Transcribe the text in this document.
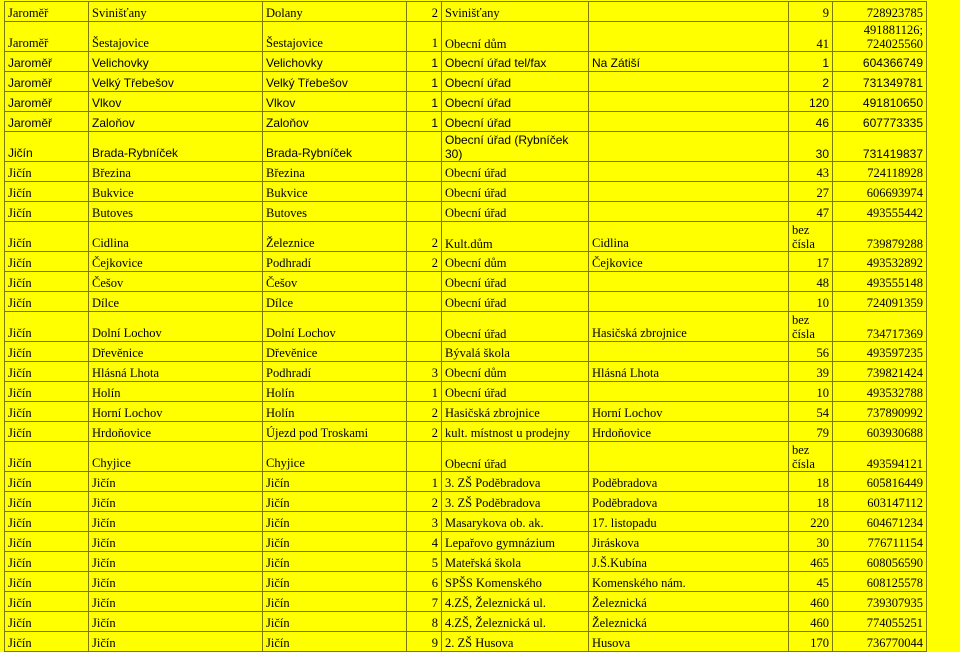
Jaroměř	Svinišťany	Dolany	2	Svinišťany		9	728923785
Jaroměř	Šestajovice	Šestajovice	1	Obecní dům		41	491881126; 724025560
Jaroměř	Velichovky	Velichovky	1	Obecní úřad tel/fax	Na Zátiší	1	604366749
Jaroměř	Velký Třebešov	Velký Třebešov	1	Obecní úřad		2	731349781
Jaroměř	Vlkov	Vlkov	1	Obecní úřad		120	491810650
Jaroměř	Zaloňov	Zaloňov	1	Obecní úřad		46	607773335
Jičín	Brada-Rybníček	Brada-Rybníček		Obecní úřad (Rybníček 30)		30	731419837
Jičín	Březina	Březina		Obecní úřad		43	724118928
Jičín	Bukvice	Bukvice		Obecní úřad		27	606693974
Jičín	Butoves	Butoves		Obecní úřad		47	493555442
Jičín	Cidlina	Železnice	2	Kult.dům	Cidlina	bez čísla	739879288
Jičín	Čejkovice	Podhradí	2	Obecní dům	Čejkovice	17	493532892
Jičín	Češov	Češov		Obecní úřad		48	493555148
Jičín	Dílce	Dílce		Obecní úřad		10	724091359
Jičín	Dolní Lochov	Dolní Lochov		Obecní úřad	Hasičská zbrojnice	bez čísla	734717369
Jičín	Dřevěnice	Dřevěnice		Bývalá škola		56	493597235
Jičín	Hlásná Lhota	Podhradí	3	Obecní dům	Hlásná Lhota	39	739821424
Jičín	Holín	Holín	1	Obecní úřad		10	493532788
Jičín	Horní Lochov	Holín	2	Hasičská zbrojnice	Horní Lochov	54	737890992
Jičín	Hrdoňovice	Újezd pod Troskami	2	kult. místnost u prodejny	Hrdoňovice	79	603930688
Jičín	Chyjice	Chyjice		Obecní úřad		bez čísla	493594121
Jičín	Jičín	Jičín	1	3. ZŠ Poděbradova	Poděbradova	18	605816449
Jičín	Jičín	Jičín	2	3. ZŠ Poděbradova	Poděbradova	18	603147112
Jičín	Jičín	Jičín	3	Masarykova ob. ak.	17. listopadu	220	604671234
Jičín	Jičín	Jičín	4	Lepařovo gymnázium	Jiráskova	30	776711154
Jičín	Jičín	Jičín	5	Mateřská škola	J.Š.Kubína	465	608056590
Jičín	Jičín	Jičín	6	SPŠS Komenského	Komenského nám.	45	608125578
Jičín	Jičín	Jičín	7	4.ZŠ, Železnická ul.	Železnická	460	739307935
Jičín	Jičín	Jičín	8	4.ZŠ, Železnická ul.	Železnická	460	774055251
Jičín	Jičín	Jičín	9	2. ZŠ Husova	Husova	170	736770044
